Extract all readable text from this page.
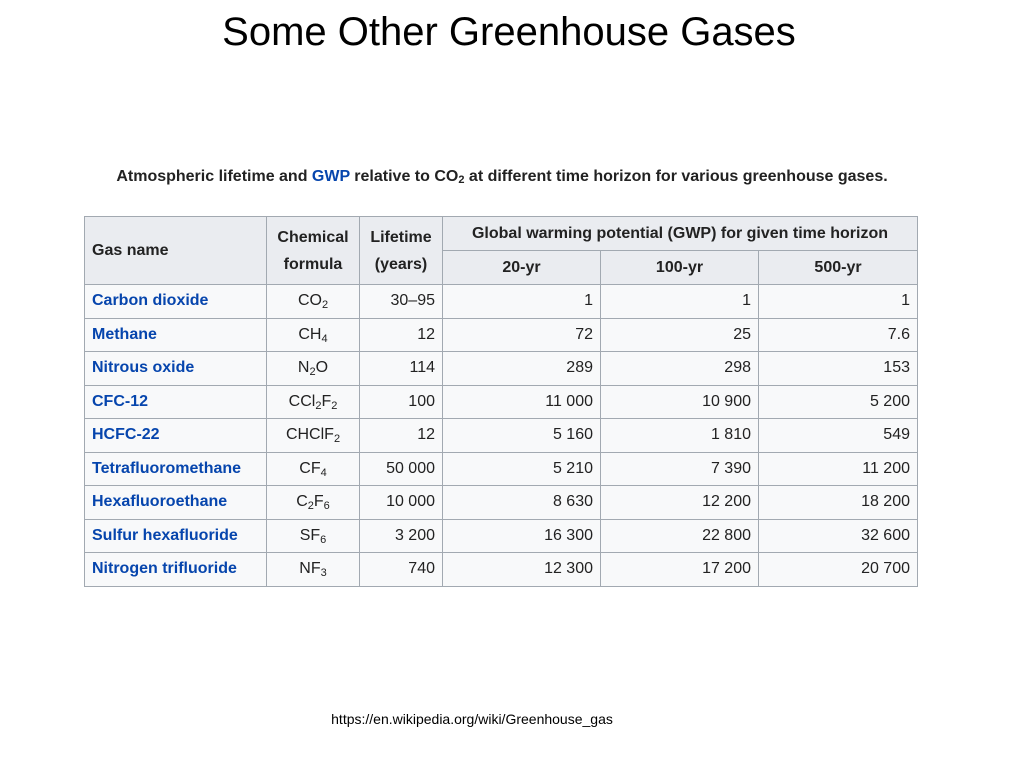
Some Other Greenhouse Gases
Atmospheric lifetime and GWP relative to $CO_2$ at different time horizon for various greenhouse gases.
Gas name	Chemical formula	Lifetime (years)	Global warming potential (GWP) for given time horizon		
			20-yr	100-yr	500-yr
Carbon dioxide	$CO_2$	30–95	1	1	1
Methane	$CH_4$	12	72	25	7.6
Nitrous oxide	$N_2O$	114	289	298	153
CFC-12	$CCl_2F_2$	100	11 000	10 900	5 200
HCFC-22	CHClF$_2$	12	5 160	1 810	549
Tetrafluoromethane	$CF_4$	50 000	5 210	7 390	11 200
Hexafluoroethane	$C_2F_6$	10 000	8 630	12 200	18 200
Sulfur hexafluoride	$SF_6$	3 200	16 300	22 800	32 600
Nitrogen trifluoride	$NF_3$	740	12 300	17 200	20 700
https://en.wikipedia.org/wiki/Greenhouse_gas
